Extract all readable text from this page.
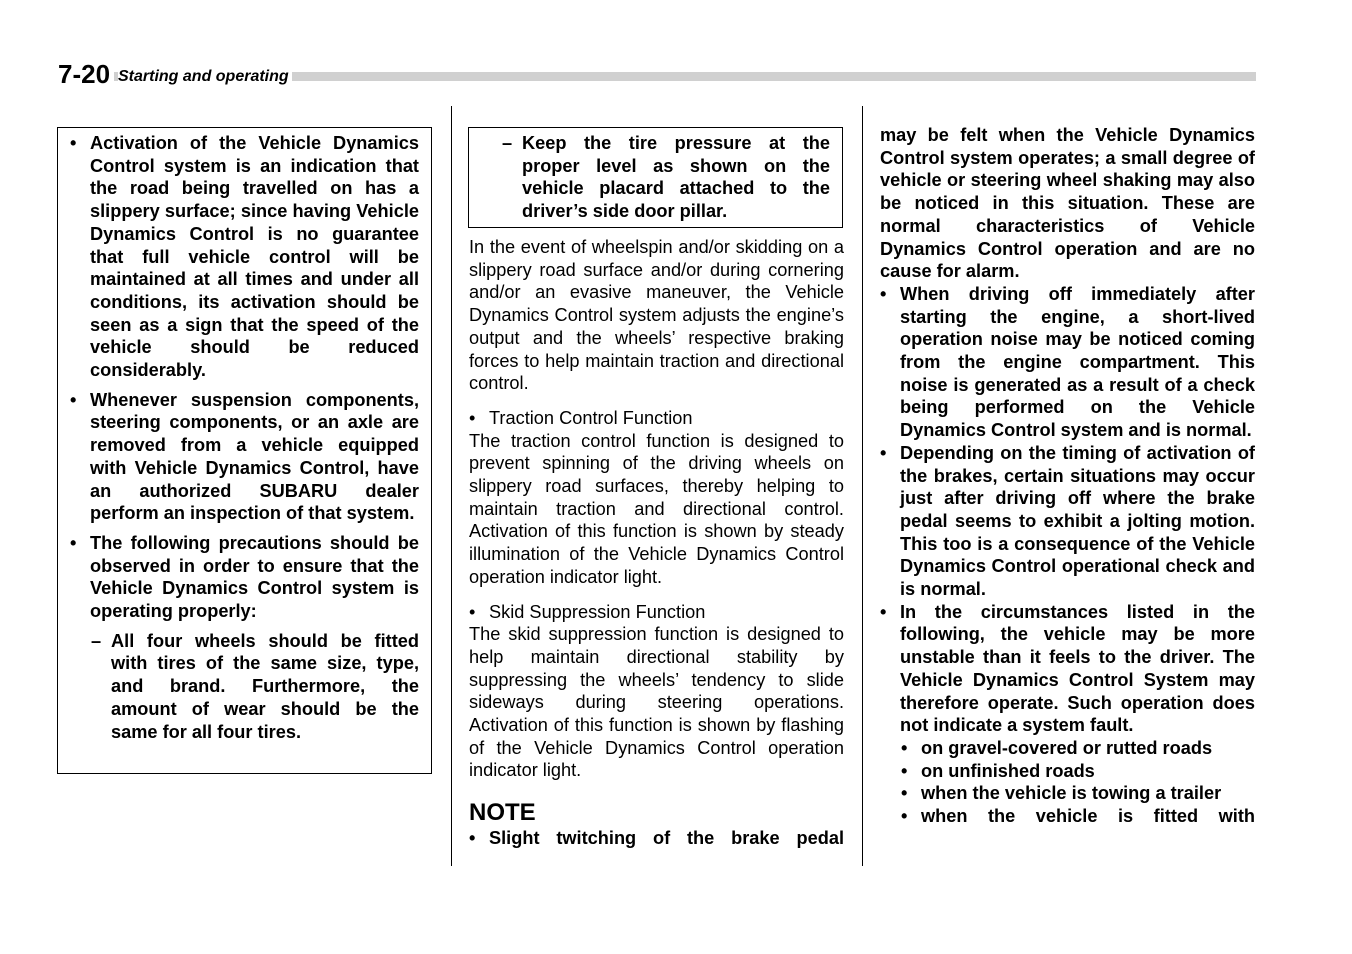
7-20 Starting and operating
• Activation of the Vehicle Dynamics Control system is an indication that the road being travelled on has a slippery surface; since having Vehicle Dynamics Control is no guarantee that full vehicle control will be maintained at all times and under all conditions, its activation should be seen as a sign that the speed of the vehicle should be reduced considerably.
• Whenever suspension components, steering components, or an axle are removed from a vehicle equipped with Vehicle Dynamics Control, have an authorized SUBARU dealer perform an inspection of that system.
• The following precautions should be observed in order to ensure that the Vehicle Dynamics Control system is operating properly:
– All four wheels should be fitted with tires of the same size, type, and brand. Furthermore, the amount of wear should be the same for all four tires.
– Keep the tire pressure at the proper level as shown on the vehicle placard attached to the driver’s side door pillar.
In the event of wheelspin and/or skidding on a slippery road surface and/or during cornering and/or an evasive maneuver, the Vehicle Dynamics Control system adjusts the engine’s output and the wheels’ respective braking forces to help maintain traction and directional control.
• Traction Control Function
The traction control function is designed to prevent spinning of the driving wheels on slippery road surfaces, thereby helping to maintain traction and directional control. Activation of this function is shown by steady illumination of the Vehicle Dynamics Control operation indicator light.
• Skid Suppression Function
The skid suppression function is designed to help maintain directional stability by suppressing the wheels’ tendency to slide sideways during steering operations. Activation of this function is shown by flashing of the Vehicle Dynamics Control operation indicator light.
NOTE
• Slight twitching of the brake pedal
may be felt when the Vehicle Dynamics Control system operates; a small degree of vehicle or steering wheel shaking may also be noticed in this situation. These are normal characteristics of Vehicle Dynamics Control operation and are no cause for alarm.
• When driving off immediately after starting the engine, a short-lived operation noise may be noticed coming from the engine compartment. This noise is generated as a result of a check being performed on the Vehicle Dynamics Control system and is normal.
• Depending on the timing of activation of the brakes, certain situations may occur just after driving off where the brake pedal seems to exhibit a jolting motion. This too is a consequence of the Vehicle Dynamics Control operational check and is normal.
• In the circumstances listed in the following, the vehicle may be more unstable than it feels to the driver. The Vehicle Dynamics Control System may therefore operate. Such operation does not indicate a system fault.
• on gravel-covered or rutted roads
• on unfinished roads
• when the vehicle is towing a trailer
• when the vehicle is fitted with
